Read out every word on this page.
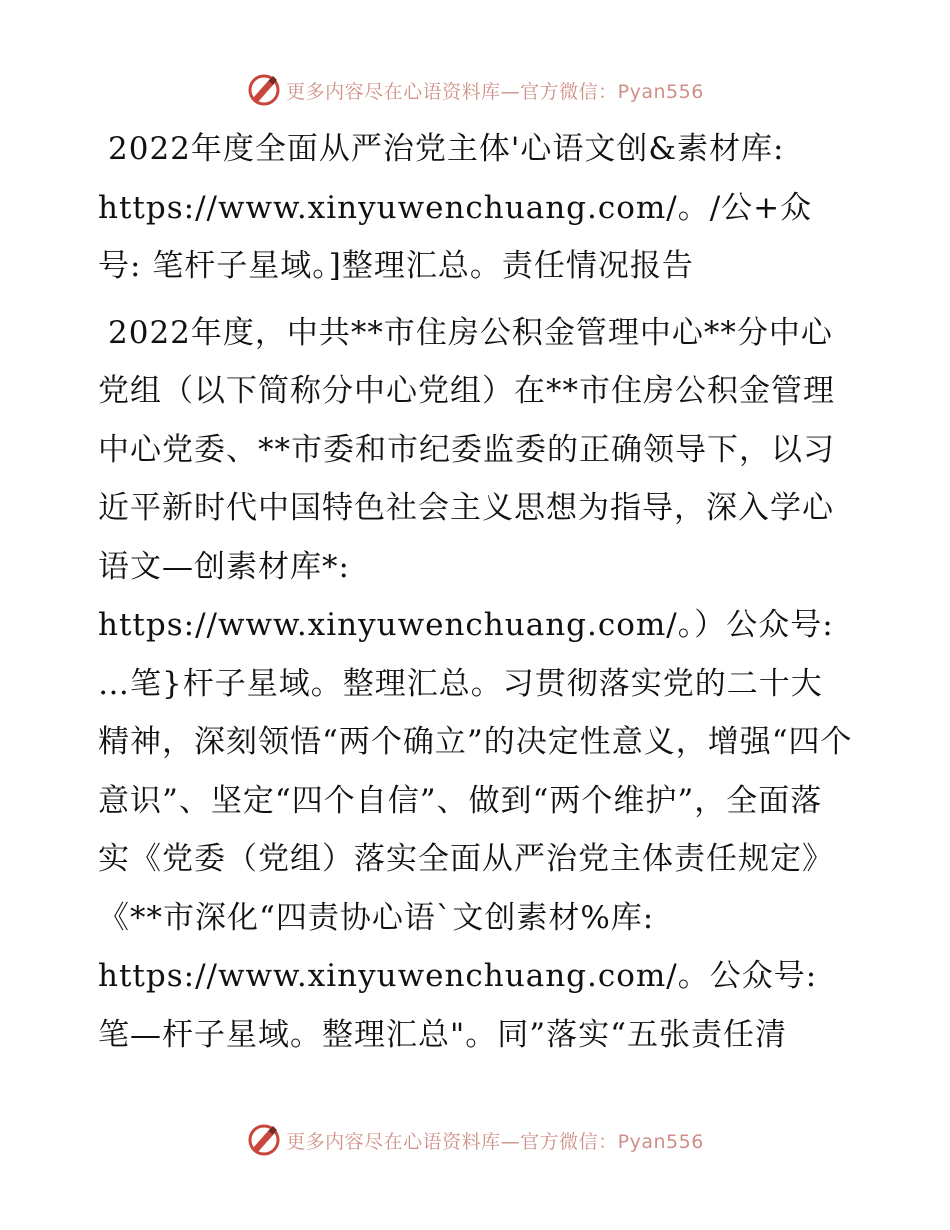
更多内容尽在心语资料库—官方微信：Pyan556

2022年度全面从严治党主体'心语文创&素材库: https://www.xinyuwenchuang.com/。/公+众号: 笔杆子星域。]整理汇总。责任情况报告

2022年度，中共**市住房公积金管理中心**分中心党组（以下简称分中心党组）在**市住房公积金管理中心党委、**市委和市纪委监委的正确领导下，以习近平新时代中国特色社会主义思想为指导，深入学心语文—创素材库*: https://www.xinyuwenchuang.com/。）公众号: …笔}杆子星域。整理汇总。习贯彻落实党的二十大精神，深刻领悟“两个确立”的决定性意义，增强“四个意识”、坚定“四个自信”、做到“两个维护”，全面落实《党委（党组）落实全面从严治党主体责任规定》《**市深化“四责协心语`文创素材%库: https://www.xinyuwenchuang.com/。公众号: 笔—杆子星域。整理汇总"。同”落实“五张责任清

更多内容尽在心语资料库—官方微信：Pyan556
